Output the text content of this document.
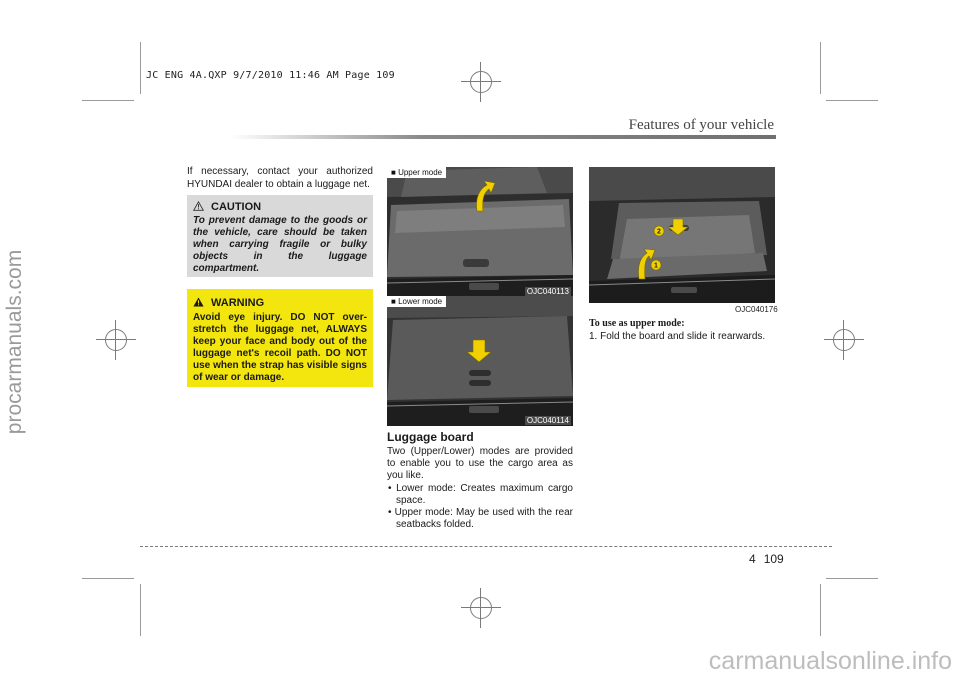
JC ENG 4A.QXP 9/7/2010 11:46 AM Page 109
procarmanuals.com
carmanualsonline.info
Features of your vehicle
If necessary, contact your authorized HYUNDAI dealer to obtain a luggage net.
CAUTION
To prevent damage to the goods or the vehicle, care should be taken when carrying fragile or bulky objects in the luggage compartment.
WARNING
Avoid eye injury. DO NOT over-stretch the luggage net, ALWAYS keep your face and body out of the luggage net's recoil path. DO NOT use when the strap has visible signs of wear or damage.
■ Upper mode
OJC040113
■ Lower mode
OJC040114
Luggage board

Two (Upper/Lower) modes are provided to enable you to use the cargo area as you like.

• Lower mode: Creates maximum cargo space.

• Upper mode: May be used with the rear seatbacks folded.

2
1
OJC040176
To use as upper mode:
1. Fold the board and slide it rearwards.
4 109
